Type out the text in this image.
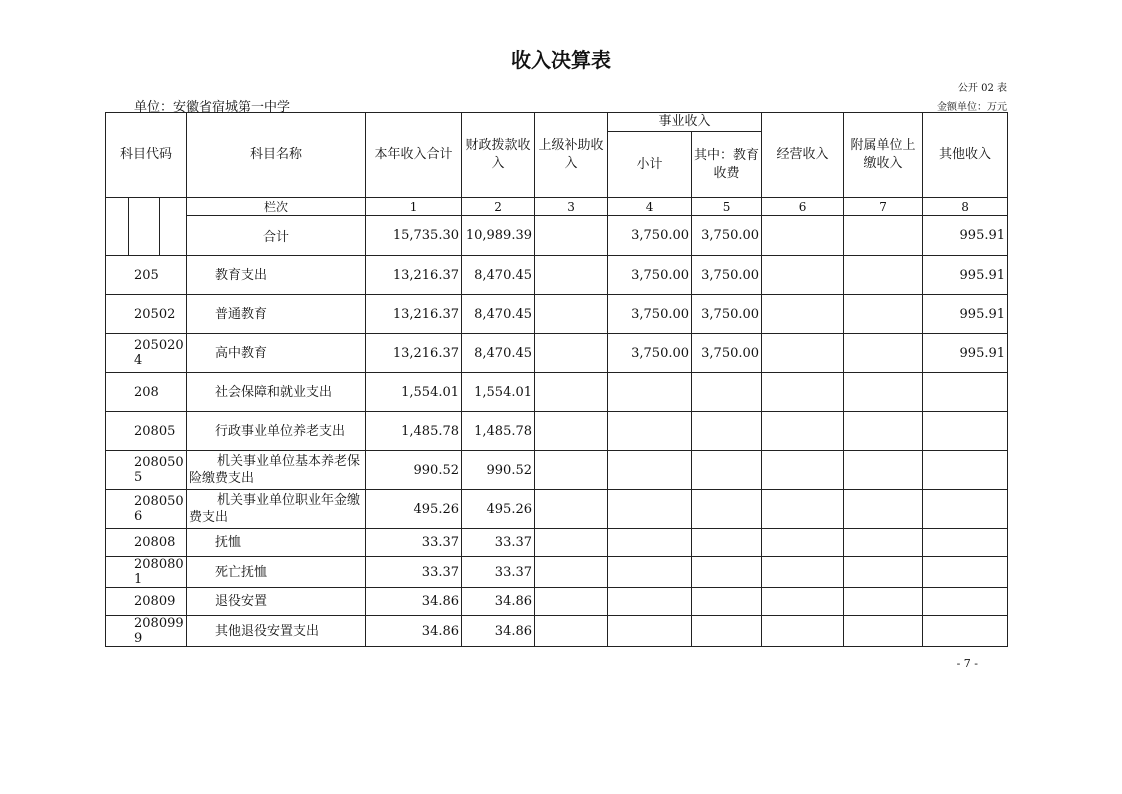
收入决算表
公开 02 表
单位：安徽省宿城第一中学	金额单位：万元
科目代码			科目名称	本年收入合计	财政拨款收入	上级补助收入	事业收入		经营收入	附属单位上缴收入	其他收入
							小计	其中：教育收费			
			栏次	1	2	3	4	5	6	7	8
			合计	15,735.30	10,989.39		3,750.00	3,750.00			995.91
205			教育支出	13,216.37	8,470.45		3,750.00	3,750.00			995.91
20502			普通教育	13,216.37	8,470.45		3,750.00	3,750.00			995.91
2050204			高中教育	13,216.37	8,470.45		3,750.00	3,750.00			995.91
208			社会保障和就业支出	1,554.01	1,554.01						
20805			行政事业单位养老支出	1,485.78	1,485.78						
2080505			机关事业单位基本养老保险缴费支出	990.52	990.52						
2080506			机关事业单位职业年金缴费支出	495.26	495.26						
20808			抚恤	33.37	33.37						
2080801			死亡抚恤	33.37	33.37						
20809			退役安置	34.86	34.86						
2080999			其他退役安置支出	34.86	34.86						
- 7 -
